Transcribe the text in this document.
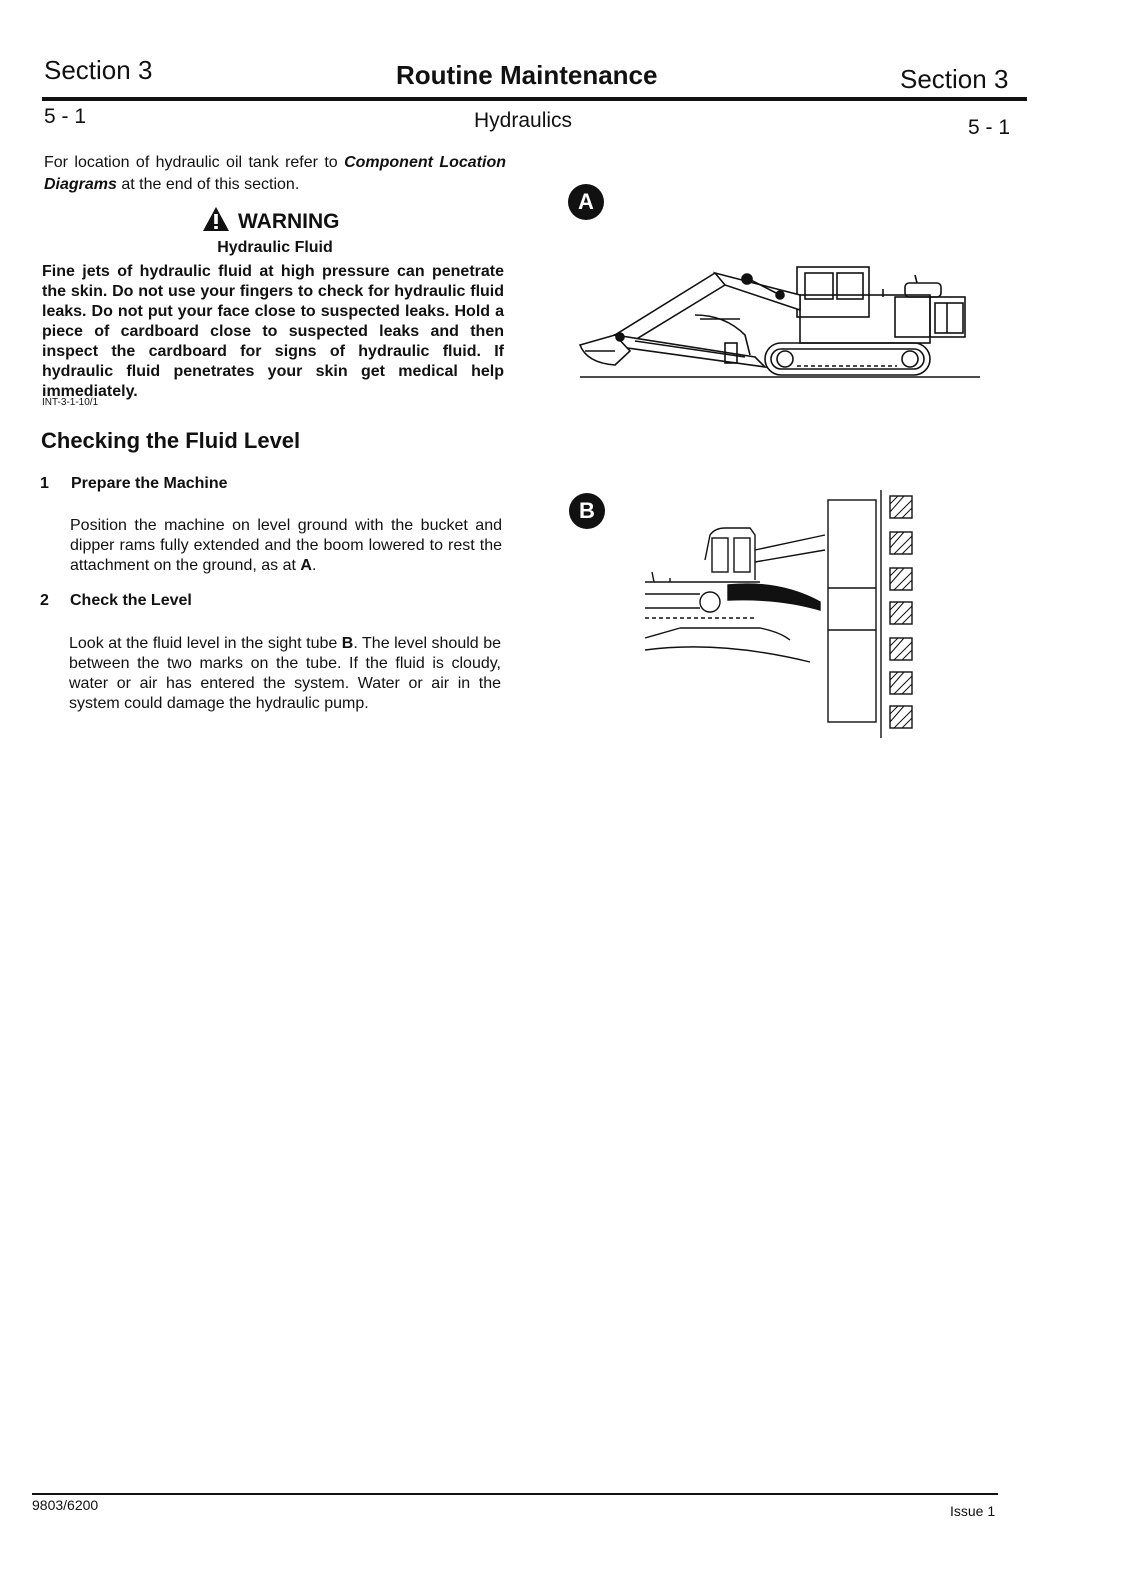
Section 3	Routine Maintenance	Section 3
5 - 1	Hydraulics	5 - 1
For location of hydraulic oil tank refer to Component Location Diagrams at the end of this section.
WARNING
Hydraulic Fluid
Fine jets of hydraulic fluid at high pressure can penetrate the skin. Do not use your fingers to check for hydraulic fluid leaks. Do not put your face close to suspected leaks. Hold a piece of cardboard close to suspected leaks and then inspect the cardboard for signs of hydraulic fluid. If hydraulic fluid penetrates your skin get medical help immediately.
INT-3-1-10/1
Checking the Fluid Level
1 Prepare the Machine
Position the machine on level ground with the bucket and dipper rams fully extended and the boom lowered to rest the attachment on the ground, as at A.
2 Check the Level
Look at the fluid level in the sight tube B. The level should be between the two marks on the tube. If the fluid is cloudy, water or air has entered the system. Water or air in the system could damage the hydraulic pump.
A
B
9803/6200	Issue 1
